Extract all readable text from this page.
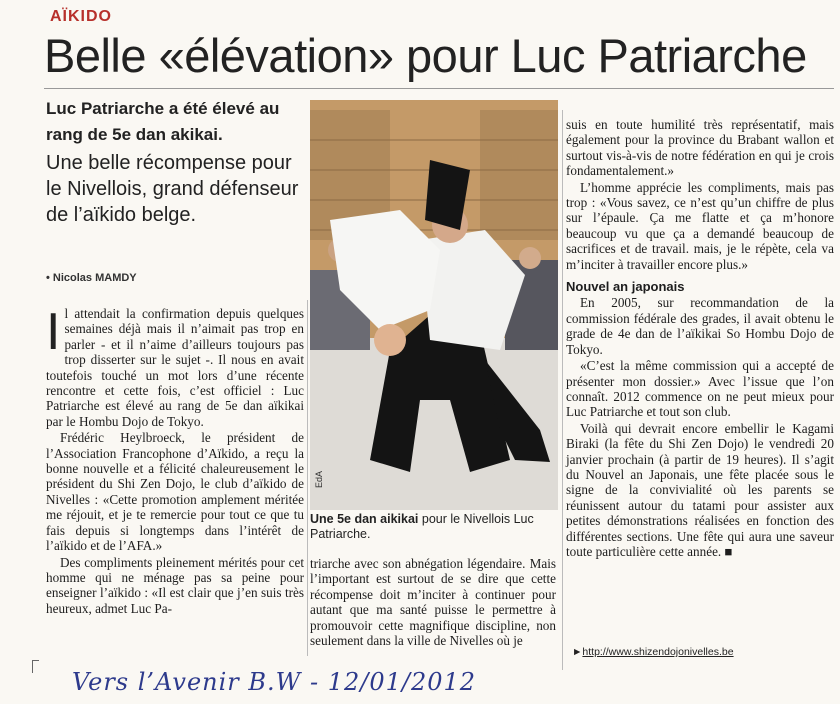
AÏKIDO
Belle «élévation» pour Luc Patriarche
Luc Patriarche a été élevé au rang de 5e dan akikai.
Une belle récompense pour le Nivellois, grand défenseur de l’aïkido belge.
• Nicolas MAMDY

Il attendait la confirmation depuis quelques semaines déjà mais il n’aimait pas trop en parler - et il n’aime d’ailleurs toujours pas trop disserter sur le sujet -. Il nous en avait toutefois touché un mot lors d’une récente rencontre et cette fois, c’est officiel : Luc Patriarche est élevé au rang de 5e dan aïkikai par le Hombu Dojo de Tokyo.

Frédéric Heylbroeck, le président de l’Association Francophone d’Aïkido, a reçu la bonne nouvelle et a félicité chaleureusement le président du Shi Zen Dojo, le club d’aïkido de Nivelles : «Cette promotion amplement méritée me réjouit, et je te remercie pour tout ce que tu fais depuis si longtemps dans l’intérêt de l’aïkido et de l’AFA.»

Des compliments pleinement mérités pour cet homme qui ne ménage pas sa peine pour enseigner l’aïkido : «Il est clair que j’en suis très heureux, admet Luc Pa-

EdA
Une 5e dan aikikai pour le Nivellois Luc Patriarche.

triarche avec son abnégation légendaire. Mais l’important est surtout de se dire que cette récompense doit m’inciter à continuer pour autant que ma santé puisse le permettre à promouvoir cette magnifique discipline, non seulement dans la ville de Nivelles où je

suis en toute humilité très représentatif, mais également pour la province du Brabant wallon et surtout vis-à-vis de notre fédération en qui je crois fondamentalement.»

L’homme apprécie les compliments, mais pas trop : «Vous savez, ce n’est qu’un chiffre de plus sur l’épaule. Ça me flatte et ça m’honore beaucoup vu que ça a demandé beaucoup de sacrifices et de travail. mais, je le répète, cela va m’inciter à travailler encore plus.»

Nouvel an japonais

En 2005, sur recommandation de la commission fédérale des grades, il avait obtenu le grade de 4e dan de l’aïkikai So Hombu Dojo de Tokyo.

«C’est la même commission qui a accepté de présenter mon dossier.» Avec l’issue que l’on connaît. 2012 commence on ne peut mieux pour Luc Patriarche et tout son club.

Voilà qui devrait encore embellir le Kagami Biraki (la fête du Shi Zen Dojo) le vendredi 20 janvier prochain (à partir de 19 heures). Il s’agit du Nouvel an Japonais, une fête placée sous le signe de la convivialité où les parents se réunissent autour du tatami pour assister aux petites démonstrations réalisées en fonction des différentes sections. Une fête qui aura une saveur toute particulière cette année. ■

►http://www.shizendojonivelles.be
Vers l’Avenir B.W - 12/01/2012
